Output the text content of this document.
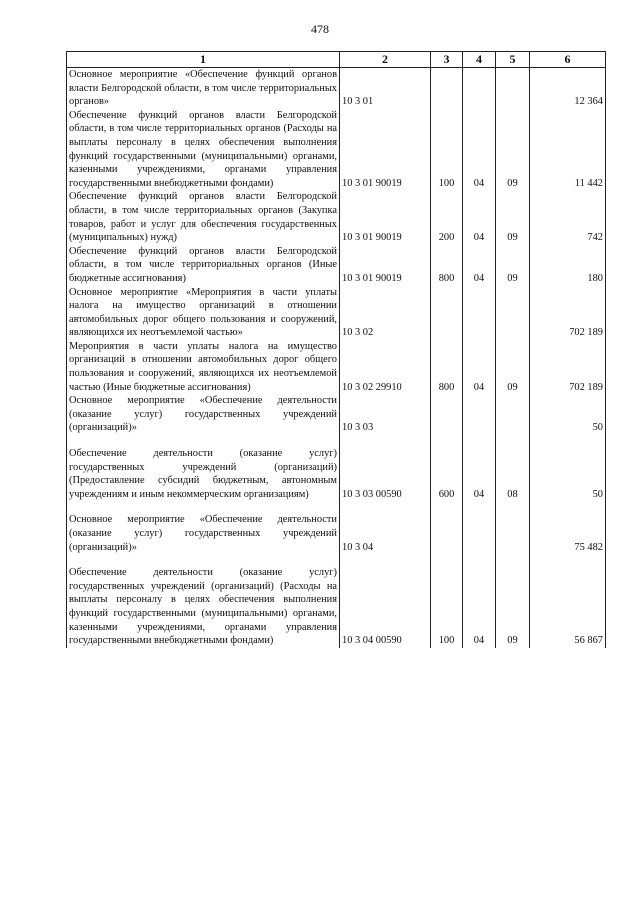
478
1	2	3	4	5	6
Основное мероприятие «Обеспечение функций органов власти Белгородской области, в том числе территориальных органов»	10 3 01				12 364
Обеспечение функций органов власти Белгородской области, в том числе территориальных органов (Расходы на выплаты персоналу в целях обеспечения выполнения функций государственными (муниципальными) органами, казенными учреждениями, органами управления государственными внебюджетными фондами)	10 3 01 90019	100	04	09	11 442
Обеспечение функций органов власти Белгородской области, в том числе территориальных органов (Закупка товаров, работ и услуг для обеспечения государственных (муниципальных) нужд)	10 3 01 90019	200	04	09	742
Обеспечение функций органов власти Белгородской области, в том числе территориальных органов (Иные бюджетные ассигнования)	10 3 01 90019	800	04	09	180
Основное мероприятие «Мероприятия в части уплаты налога на имущество организаций в отношении автомобильных дорог общего пользования и сооружений, являющихся их неотъемлемой частью»	10 3 02				702 189
Мероприятия в части уплаты налога на имущество организаций в отношении автомобильных дорог общего пользования и сооружений, являющихся их неотъемлемой частью (Иные бюджетные ассигнования)	10 3 02 29910	800	04	09	702 189
Основное мероприятие «Обеспечение деятельности (оказание услуг) государственных учреждений (организаций)»	10 3 03				50

Обеспечение деятельности (оказание услуг) государственных учреждений (организаций) (Предоставление субсидий бюджетным, автономным учреждениям и иным некоммерческим организациям)	10 3 03 00590	600	04	08	50

Основное мероприятие «Обеспечение деятельности (оказание услуг) государственных учреждений (организаций)»	10 3 04				75 482

Обеспечение деятельности (оказание услуг) государственных учреждений (организаций) (Расходы на выплаты персоналу в целях обеспечения выполнения функций государственными (муниципальными) органами, казенными учреждениями, органами управления государственными внебюджетными фондами)	10 3 04 00590	100	04	09	56 867
